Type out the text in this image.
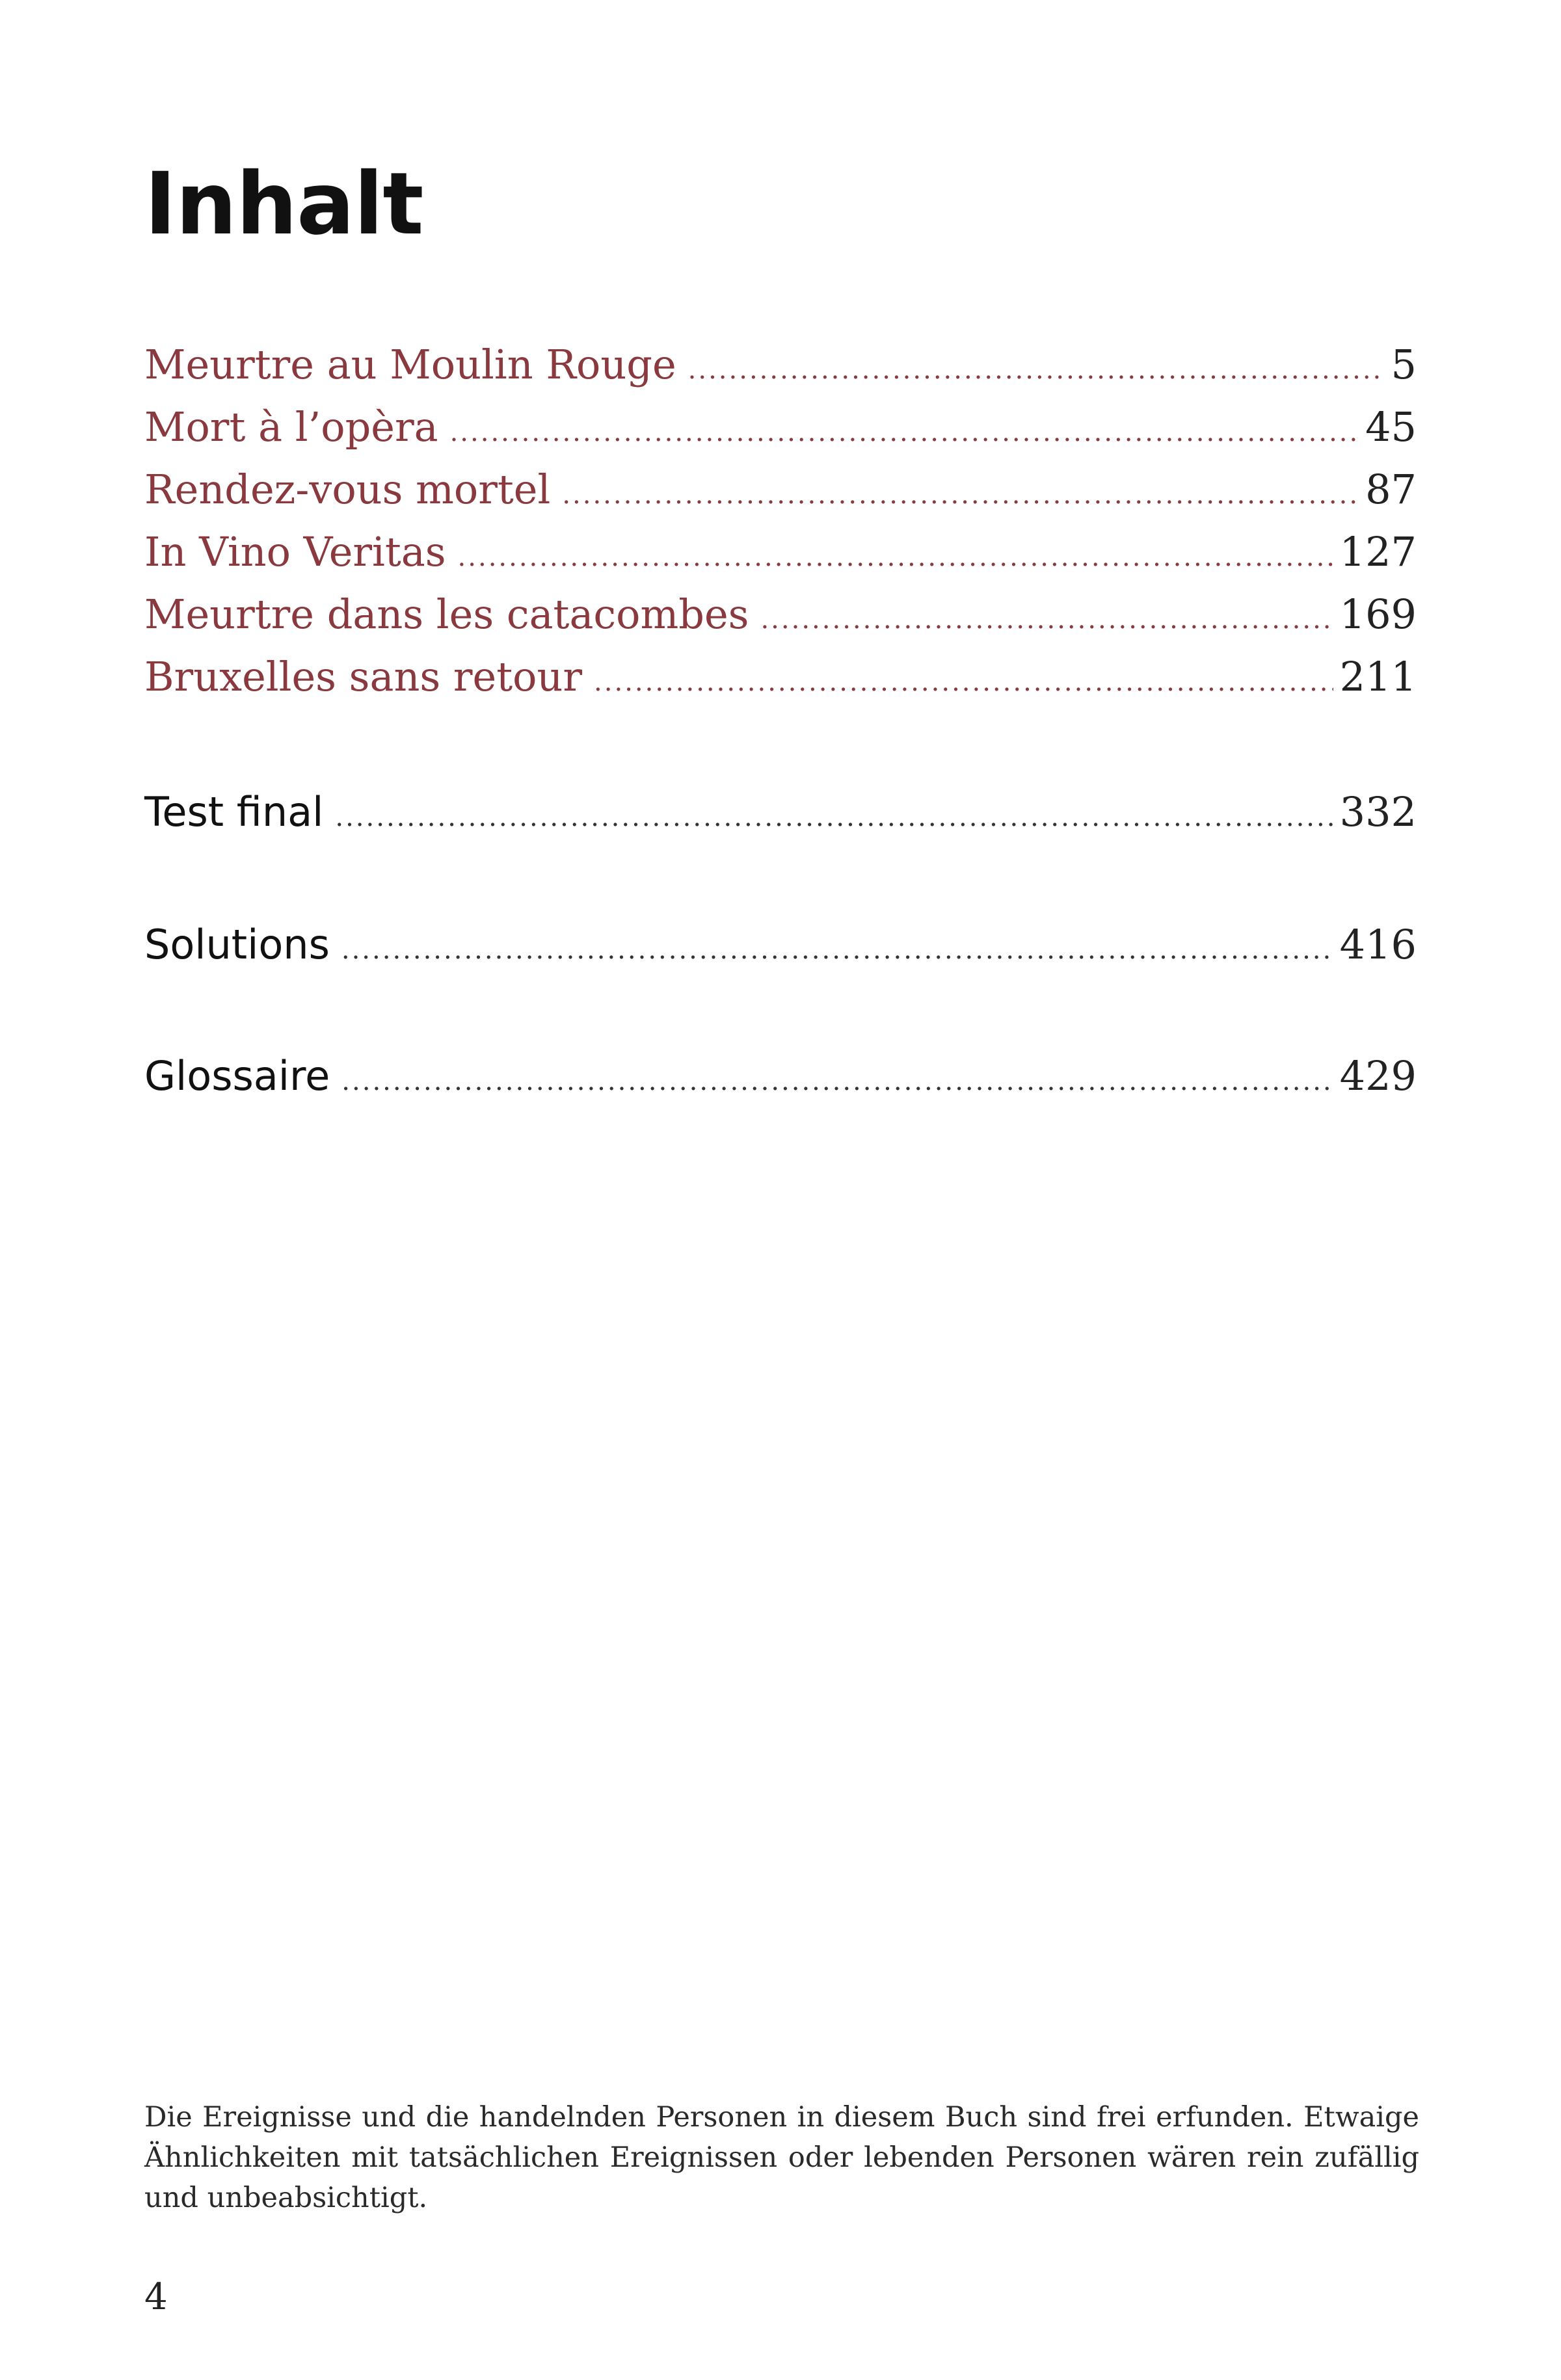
Inhalt
Meurtre au Moulin Rouge .....	5
Mort à l’opèra .....	45
Rendez-vous mortel .....	87
In Vino Veritas .....	127
Meurtre dans les catacombes .....	169
Bruxelles sans retour .....	211
Test final .....	332
Solutions .....	416
Glossaire .....	429

Die Ereignisse und die handelnden Personen in diesem Buch sind frei erfunden. Etwaige Ähnlichkeiten mit tatsächlichen Ereignissen oder lebenden Personen wären rein zufällig und unbeabsichtigt.

4
